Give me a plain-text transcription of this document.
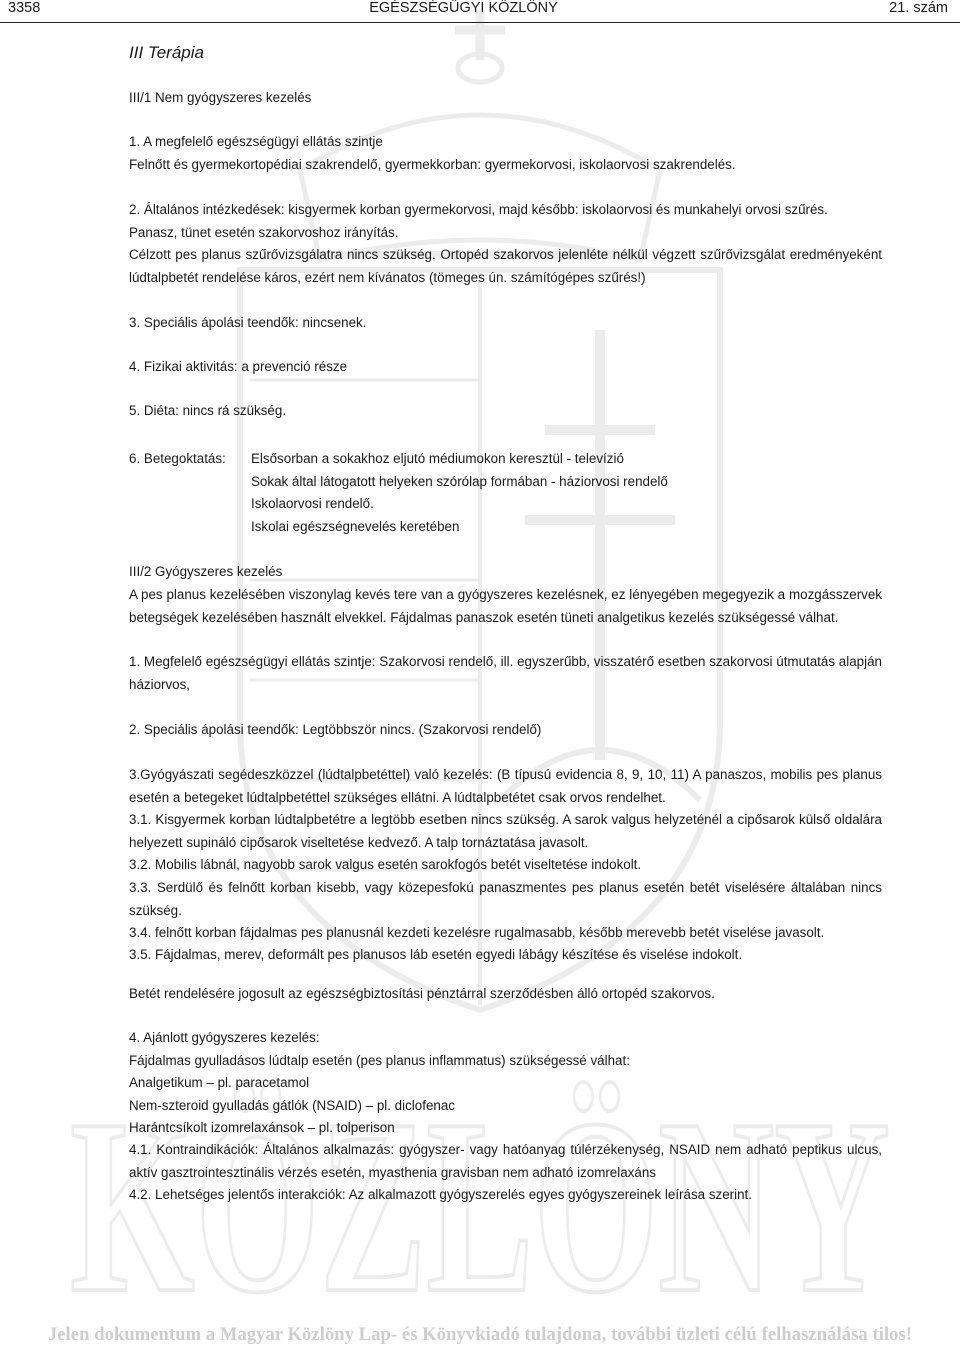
KÖZLÖNY
3358	EGÉSZSÉGÜGYI KÖZLÖNY	21. szám

III Terápia

III/1 Nem gyógyszeres kezelés

1. A megfelelő egészségügyi ellátás szintje
Felnőtt és gyermekortopédiai szakrendelő, gyermekkorban: gyermekorvosi, iskolaorvosi szakrendelés.
2. Általános intézkedések: kisgyermek korban gyermekorvosi, majd később: iskolaorvosi és munkahelyi orvosi szűrés.
Panasz, tünet esetén szakorvoshoz irányítás.

Célzott pes planus szűrővizsgálatra nincs szükség. Ortopéd szakorvos jelenléte nélkül végzett szűrővizsgálat eredményeként lúdtalpbetét rendelése káros, ezért nem kívánatos (tömeges ún. számítógépes szűrés!)

3. Speciális ápolási teendők: nincsenek.

4. Fizikai aktivitás: a prevenció része

5. Diéta: nincs rá szükség.

6. Betegoktatás: Elsősorban a sokakhoz eljutó médiumokon keresztül - televízió
Sokak által látogatott helyeken szórólap formában - háziorvosi rendelő
Iskolaorvosi rendelő.
Iskolai egészségnevelés keretében

III/2 Gyógyszeres kezelés

A pes planus kezelésében viszonylag kevés tere van a gyógyszeres kezelésnek, ez lényegében megegyezik a mozgásszervek betegségek kezelésében használt elvekkel. Fájdalmas panaszok esetén tüneti analgetikus kezelés szükségessé válhat.

1. Megfelelő egészségügyi ellátás szintje: Szakorvosi rendelő, ill. egyszerűbb, visszatérő esetben szakorvosi útmutatás alapján háziorvos,

2. Speciális ápolási teendők: Legtöbbször nincs. (Szakorvosi rendelő)

3.Gyógyászati segédeszközzel (lúdtalpbetéttel) való kezelés: (B típusú evidencia 8, 9, 10, 11) A panaszos, mobilis pes planus esetén a betegeket lúdtalpbetéttel szükséges ellátni. A lúdtalpbetétet csak orvos rendelhet.

3.1. Kisgyermek korban lúdtalpbetétre a legtöbb esetben nincs szükség. A sarok valgus helyzeténél a cipősarok külső oldalára helyezett supináló cipősarok viseltetése kedvező. A talp tornáztatása javasolt.

3.2. Mobilis lábnál, nagyobb sarok valgus esetén sarokfogós betét viseltetése indokolt.

3.3. Serdülő és felnőtt korban kisebb, vagy közepesfokú panaszmentes pes planus esetén betét viselésére általában nincs szükség.

3.4. felnőtt korban fájdalmas pes planusnál kezdeti kezelésre rugalmasabb, később merevebb betét viselése javasolt.

3.5. Fájdalmas, merev, deformált pes planusos láb esetén egyedi lábágy készítése és viselése indokolt.

Betét rendelésére jogosult az egészségbiztosítási pénztárral szerződésben álló ortopéd szakorvos.

4. Ajánlott gyógyszeres kezelés:
Fájdalmas gyulladásos lúdtalp esetén (pes planus inflammatus) szükségessé válhat:
Analgetikum – pl. paracetamol
Nem-szteroid gyulladás gátlók (NSAID) – pl. diclofenac
Harántcsíkolt izomrelaxánsok – pl. tolperison

4.1. Kontraindikációk: Általános alkalmazás: gyógyszer- vagy hatóanyag túlérzékenység, NSAID nem adható peptikus ulcus, aktív gasztrointesztinális vérzés esetén, myasthenia gravisban nem adható izomrelaxáns

4.2. Lehetséges jelentős interakciók: Az alkalmazott gyógyszerelés egyes gyógyszereinek leírása szerint.

Jelen dokumentum a Magyar Közlöny Lap- és Könyvkiadó tulajdona, további üzleti célú felhasználása tilos!
